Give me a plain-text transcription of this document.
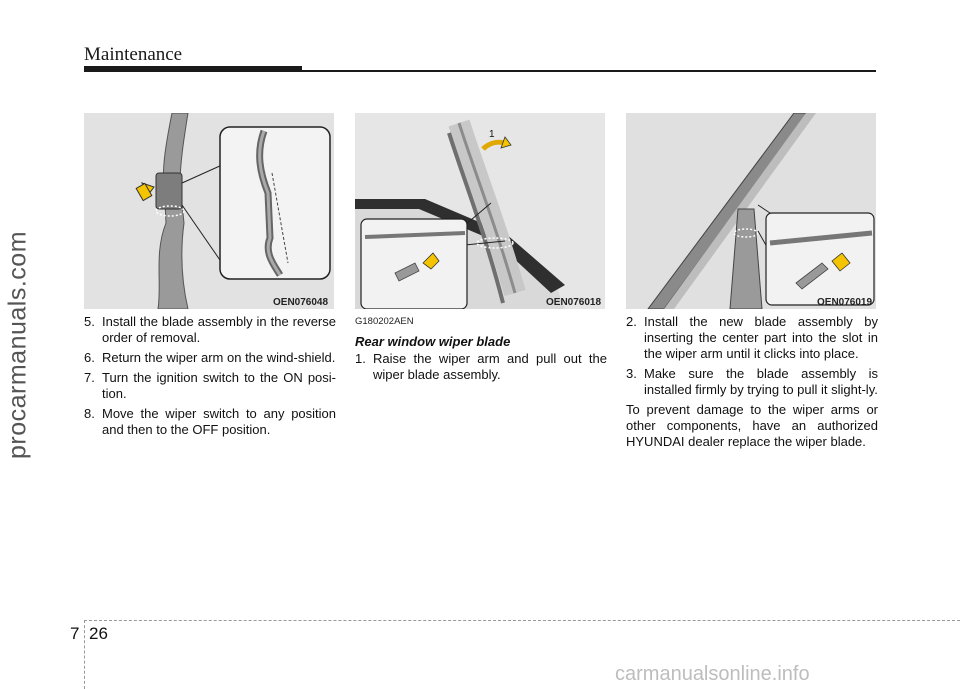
Maintenance
procarmanuals.com	OEN076048
1
OEN076018	OEN076019

5. Install the blade assembly in the reverse order of removal.

6. Return the wiper arm on the wind-shield.

7. Turn the ignition switch to the ON posi-tion.

8. Move the wiper switch to any position and then to the OFF position.

G180202AEN
Rear window wiper blade

1. Raise the wiper arm and pull out the wiper blade assembly.

2. Install the new blade assembly by inserting the center part into the slot in the wiper arm until it clicks into place.

3. Make sure the blade assembly is installed firmly by trying to pull it slight-ly.

To prevent damage to the wiper arms or other components, have an authorized HYUNDAI dealer replace the wiper blade.

7 26
carmanualsonline.info
